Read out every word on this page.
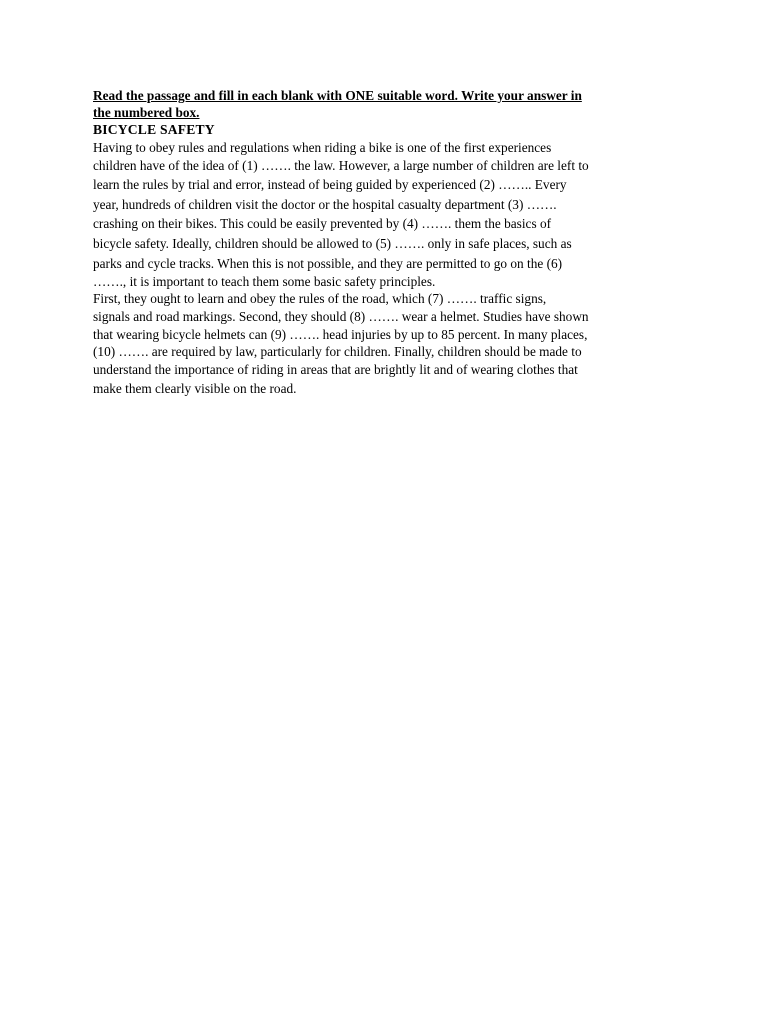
Read the passage and fill in each blank with ONE suitable word. Write your answer in
the numbered box.

BICYCLE SAFETY

Having to obey rules and regulations when riding a bike is one of the first experiences
children have of the idea of (1) ……. the law. However, a large number of children are left to
learn the rules by trial and error, instead of being guided by experienced (2) …….. Every
year, hundreds of children visit the doctor or the hospital casualty department (3) …….
crashing on their bikes. This could be easily prevented by (4) ……. them the basics of
bicycle safety. Ideally, children should be allowed to (5) ……. only in safe places, such as
parks and cycle tracks. When this is not possible, and they are permitted to go on the (6)
……., it is important to teach them some basic safety principles.
First, they ought to learn and obey the rules of the road, which (7) ……. traffic signs,
signals and road markings. Second, they should (8) ……. wear a helmet. Studies have shown
that wearing bicycle helmets can (9) ……. head injuries by up to 85 percent. In many places,
(10) ……. are required by law, particularly for children. Finally, children should be made to
understand the importance of riding in areas that are brightly lit and of wearing clothes that
make them clearly visible on the road.
